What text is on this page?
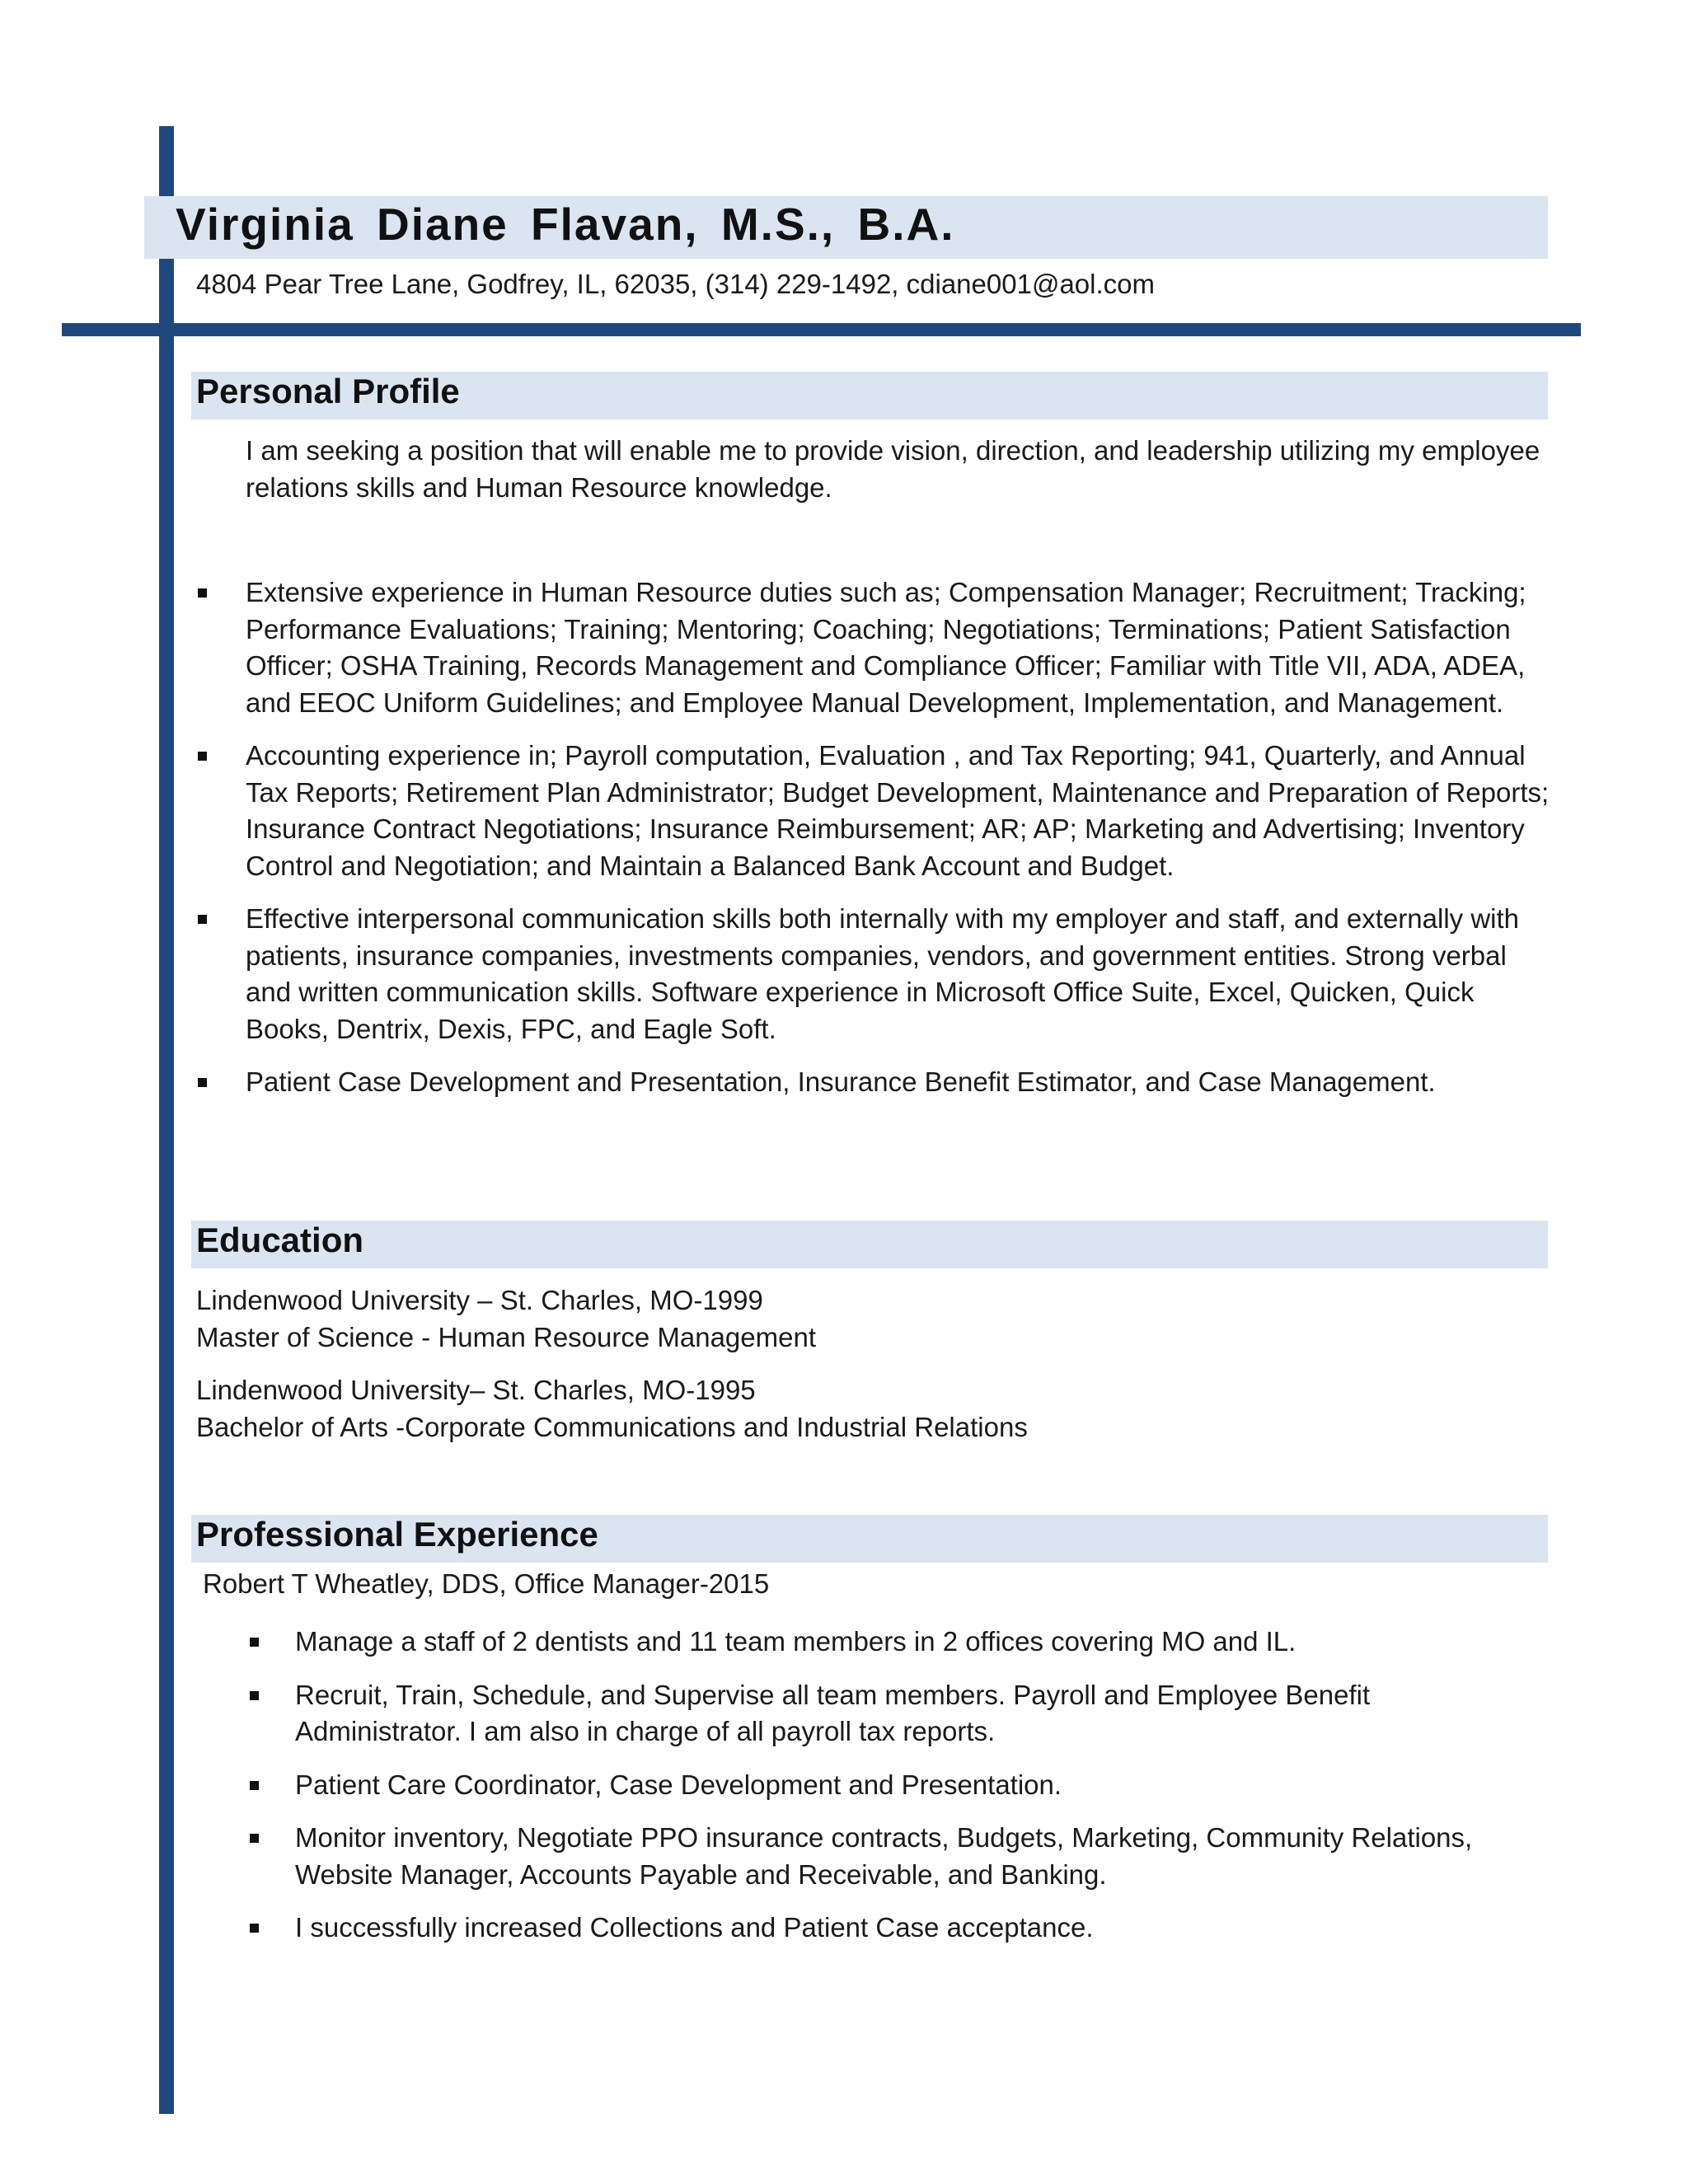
Virginia Diane Flavan, M.S., B.A.
4804 Pear Tree Lane, Godfrey, IL, 62035, (314) 229-1492, cdiane001@aol.com
Personal Profile
I am seeking a position that will enable me to provide vision, direction, and leadership utilizing my employee relations skills and Human Resource knowledge.
Extensive experience in Human Resource duties such as; Compensation Manager; Recruitment; Tracking; Performance Evaluations; Training; Mentoring; Coaching; Negotiations; Terminations; Patient Satisfaction Officer; OSHA Training, Records Management and Compliance Officer; Familiar with Title VII, ADA, ADEA, and EEOC Uniform Guidelines; and Employee Manual Development, Implementation, and Management.
Accounting experience in; Payroll computation, Evaluation , and Tax Reporting; 941, Quarterly, and Annual Tax Reports; Retirement Plan Administrator; Budget Development, Maintenance and Preparation of Reports; Insurance Contract Negotiations; Insurance Reimbursement; AR; AP; Marketing and Advertising; Inventory Control and Negotiation; and Maintain a Balanced Bank Account and Budget.
Effective interpersonal communication skills both internally with my employer and staff, and externally with patients, insurance companies, investments companies, vendors, and government entities. Strong verbal and written communication skills. Software experience in Microsoft Office Suite, Excel, Quicken, Quick Books, Dentrix, Dexis, FPC, and Eagle Soft.
Patient Case Development and Presentation, Insurance Benefit Estimator, and Case Management.
Education
Lindenwood University – St. Charles, MO-1999
Master of Science - Human Resource Management
Lindenwood University– St. Charles, MO-1995
Bachelor of Arts -Corporate Communications and Industrial Relations
Professional Experience
Robert T Wheatley, DDS, Office Manager-2015
Manage a staff of 2 dentists and 11 team members in 2 offices covering MO and IL.
Recruit, Train, Schedule, and Supervise all team members. Payroll and Employee Benefit Administrator. I am also in charge of all payroll tax reports.
Patient Care Coordinator, Case Development and Presentation.
Monitor inventory, Negotiate PPO insurance contracts, Budgets, Marketing, Community Relations, Website Manager, Accounts Payable and Receivable, and Banking.
I successfully increased Collections and Patient Case acceptance.
